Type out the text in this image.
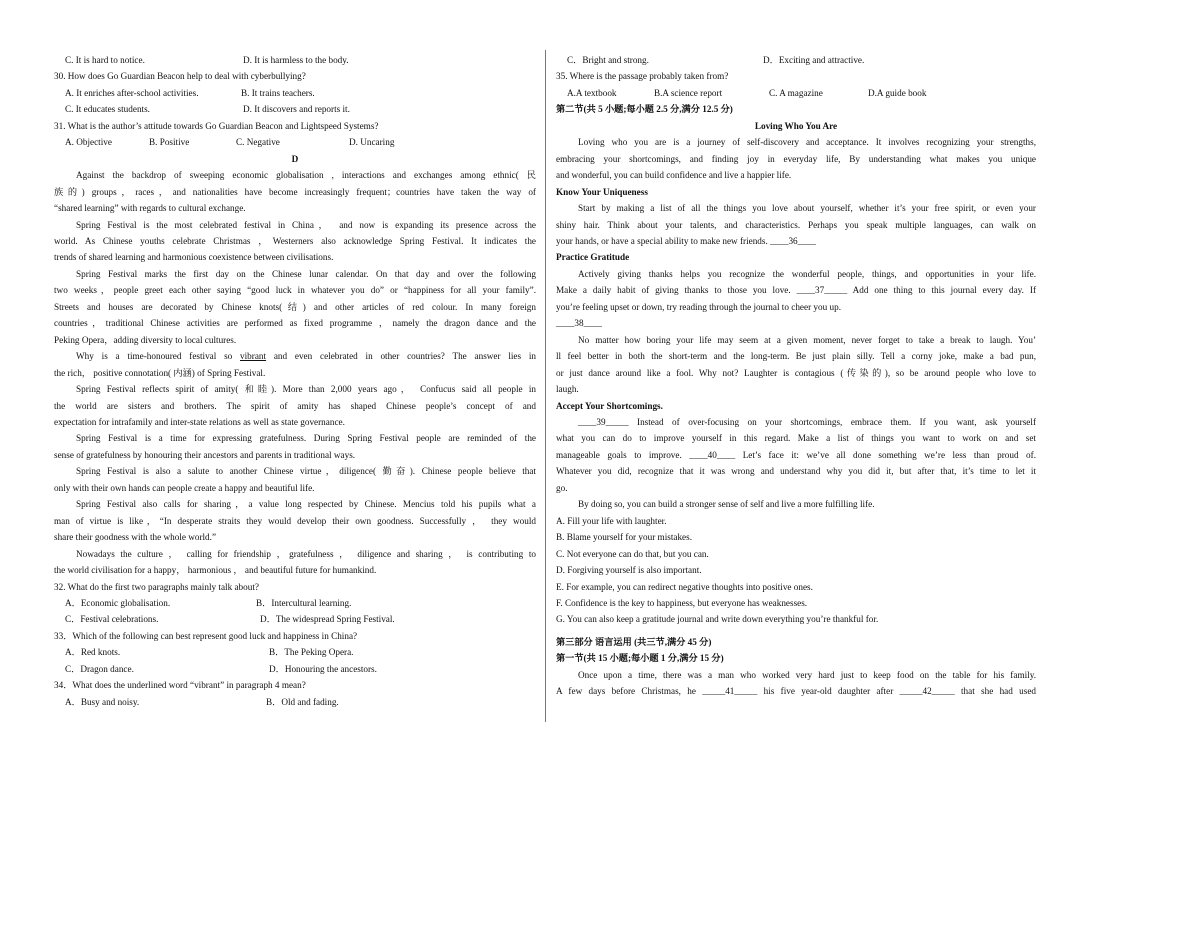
C. It is hard to notice.	D. It is harmless to the body.
30. How does Go Guardian Beacon help to deal with cyberbullying?
A. It enriches after-school activities.	B. It trains teachers.
C. It educates students.	D. It discovers and reports it.
31. What is the author’s attitude towards Go Guardian Beacon and Lightspeed Systems?
A. Objective	B. Positive	C. Negative	D. Uncaring
D
Against the backdrop of sweeping economic globalisation , interactions and exchanges among ethnic( 民
族的) groups，races，and nationalities have become increasingly frequent；countries have taken the way of
“shared learning” with regards to cultural exchange.
Spring Festival is the most celebrated festival in China， and now is expanding its presence across the
world. As Chinese youths celebrate Christmas ，Westerners also acknowledge Spring Festival. It indicates the
trends of shared learning and harmonious coexistence between civilisations.
Spring Festival marks the first day on the Chinese lunar calendar. On that day and over the following
two weeks，people greet each other saying “good luck in whatever you do” or “happiness for all your family”.
Streets and houses are decorated by Chinese knots(结) and other articles of red colour. In many foreign
countries，traditional Chinese activities are performed as fixed programme ，namely the dragon dance and the
Peking Opera，adding diversity to local cultures.
Why is a time-honoured festival so vibrant and even celebrated in other countries? The answer lies in
the rich， positive connotation( 内涵) of Spring Festival.
Spring Festival reflects spirit of amity( 和睦). More than 2,000 years ago， Confucus said all people in
the world are sisters and brothers. The spirit of amity has shaped Chinese people’s concept of and
expectation for intrafamily and inter-state relations as well as state governance.
Spring Festival is a time for expressing gratefulness. During Spring Festival people are reminded of the
sense of gratefulness by honouring their ancestors and parents in traditional ways.
Spring Festival is also a salute to another Chinese virtue，diligence( 勤奋). Chinese people believe that
only with their own hands can people create a happy and beautiful life.
Spring Festival also calls for sharing，a value long respected by Chinese. Mencius told his pupils what a
man of virtue is like，“In desperate straits they would develop their own goodness. Successfully ， they would
share their goodness with the whole world.”
Nowadays the culture ， calling for friendship ，gratefulness ， diligence and sharing ， is contributing to
the world civilisation for a happy， harmonious ， and beautiful future for humankind.
32. What do the first two paragraphs mainly talk about?
A．Economic globalisation.	B．Intercultural learning.
C．Festival celebrations.	D．The widespread Spring Festival.
33．Which of the following can best represent good luck and happiness in China?
A．Red knots.	B．The Peking Opera.
C．Dragon dance.	D．Honouring the ancestors.
34．What does the underlined word “vibrant” in paragraph 4 mean?
A．Busy and noisy.	B．Old and fading.
C．Bright and strong.	D．Exciting and attractive.
35. Where is the passage probably taken from?
A.A textbook	B.A science report	C. A magazine	D.A guide book
第二节(共 5 小题;每小题 2.5 分,满分 12.5 分)
Loving Who You Are
Loving who you are is a journey of self-discovery and acceptance. It involves recognizing your strengths,
embracing your shortcomings, and finding joy in everyday life, By understanding what makes you unique
and wonderful, you can build confidence and live a happier life.
Know Your Uniqueness
Start by making a list of all the things you love about yourself, whether it’s your free spirit, or even your
shiny hair. Think about your talents, and characteristics. Perhaps you speak multiple languages, can walk on
your hands, or have a special ability to make new friends. ____36____
Practice Gratitude
Actively giving thanks helps you recognize the wonderful people, things, and opportunities in your life.
Make a daily habit of giving thanks to those you love. ____37_____ Add one thing to this journal every day. If
you’re feeling upset or down, try reading through the journal to cheer you up.
____38____
No matter how boring your life may seem at a given moment, never forget to take a break to laugh. You’
ll feel better in both the short-term and the long-term. Be just plain silly. Tell a corny joke, make a bad pun,
or just dance around like a fool. Why not? Laughter is contagious (传染的), so be around people who love to
laugh.
Accept Your Shortcomings.
____39_____ Instead of over-focusing on your shortcomings, embrace them. If you want, ask yourself
what you can do to improve yourself in this regard. Make a list of things you want to work on and set
manageable goals to improve. ____40____ Let’s face it: we’ve all done something we’re less than proud of.
Whatever you did, recognize that it was wrong and understand why you did it, but after that, it’s time to let it
go.
By doing so, you can build a stronger sense of self and live a more fulfilling life.
A. Fill your life with laughter.
B. Blame yourself for your mistakes.
C. Not everyone can do that, but you can.
D. Forgiving yourself is also important.
E. For example, you can redirect negative thoughts into positive ones.
F. Confidence is the key to happiness, but everyone has weaknesses.
G. You can also keep a gratitude journal and write down everything you’re thankful for.
第三部分 语言运用 (共三节,满分 45 分)
第一节(共 15 小题;每小题 1 分,满分 15 分)
Once upon a time, there was a man who worked very hard just to keep food on the table for his family.
A few days before Christmas, he _____41_____ his five year-old daughter after _____42_____ that she had used
